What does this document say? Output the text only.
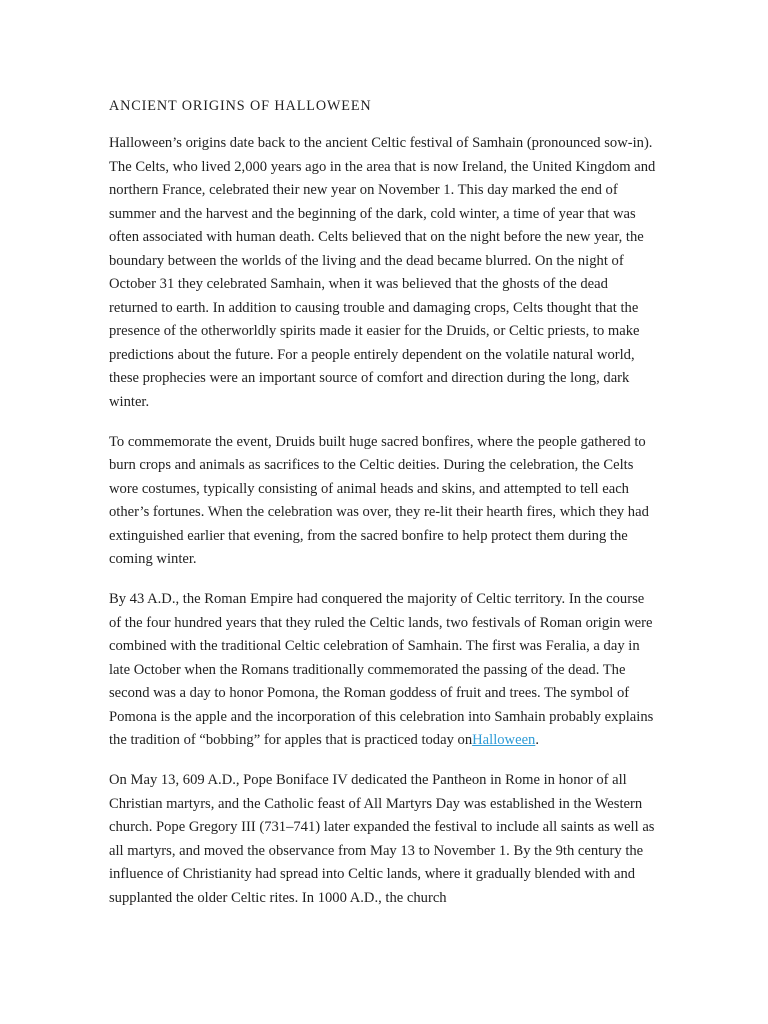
ANCIENT ORIGINS OF HALLOWEEN

Halloween’s origins date back to the ancient Celtic festival of Samhain (pronounced sow-in). The Celts, who lived 2,000 years ago in the area that is now Ireland, the United Kingdom and northern France, celebrated their new year on November 1. This day marked the end of summer and the harvest and the beginning of the dark, cold winter, a time of year that was often associated with human death. Celts believed that on the night before the new year, the boundary between the worlds of the living and the dead became blurred. On the night of October 31 they celebrated Samhain, when it was believed that the ghosts of the dead returned to earth. In addition to causing trouble and damaging crops, Celts thought that the presence of the otherworldly spirits made it easier for the Druids, or Celtic priests, to make predictions about the future. For a people entirely dependent on the volatile natural world, these prophecies were an important source of comfort and direction during the long, dark winter.

To commemorate the event, Druids built huge sacred bonfires, where the people gathered to burn crops and animals as sacrifices to the Celtic deities. During the celebration, the Celts wore costumes, typically consisting of animal heads and skins, and attempted to tell each other’s fortunes. When the celebration was over, they re-lit their hearth fires, which they had extinguished earlier that evening, from the sacred bonfire to help protect them during the coming winter.

By 43 A.D., the Roman Empire had conquered the majority of Celtic territory. In the course of the four hundred years that they ruled the Celtic lands, two festivals of Roman origin were combined with the traditional Celtic celebration of Samhain. The first was Feralia, a day in late October when the Romans traditionally commemorated the passing of the dead. The second was a day to honor Pomona, the Roman goddess of fruit and trees. The symbol of Pomona is the apple and the incorporation of this celebration into Samhain probably explains the tradition of “bobbing” for apples that is practiced today onHalloween.

On May 13, 609 A.D., Pope Boniface IV dedicated the Pantheon in Rome in honor of all Christian martyrs, and the Catholic feast of All Martyrs Day was established in the Western church. Pope Gregory III (731–741) later expanded the festival to include all saints as well as all martyrs, and moved the observance from May 13 to November 1. By the 9th century the influence of Christianity had spread into Celtic lands, where it gradually blended with and supplanted the older Celtic rites. In 1000 A.D., the church
